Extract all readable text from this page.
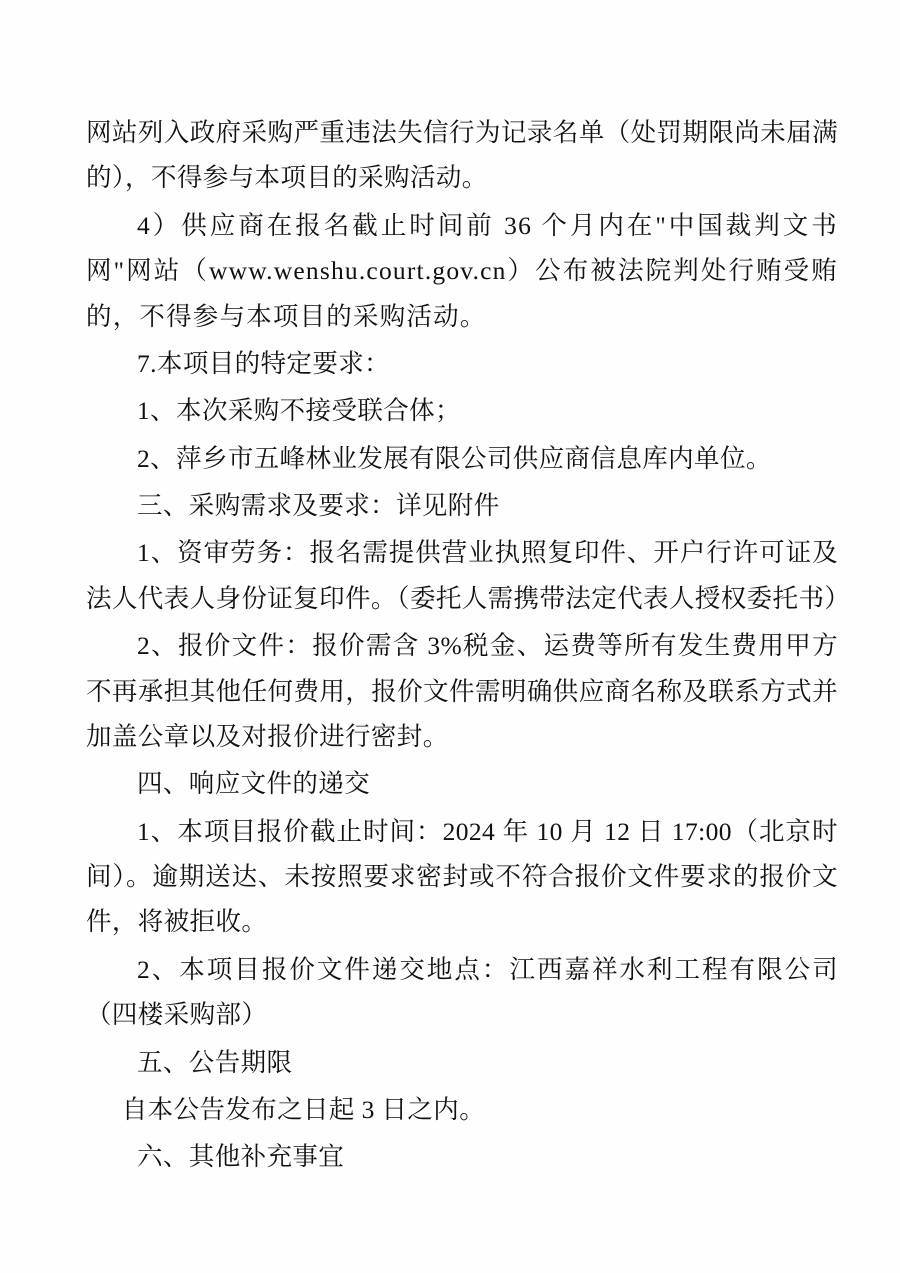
网站列入政府采购严重违法失信行为记录名单（处罚期限尚未届满的），不得参与本项目的采购活动。

4）供应商在报名截止时间前 36 个月内在"中国裁判文书网"网站（www.wenshu.court.gov.cn）公布被法院判处行贿受贿的，不得参与本项目的采购活动。

7.本项目的特定要求：

1、本次采购不接受联合体；

2、萍乡市五峰林业发展有限公司供应商信息库内单位。

三、采购需求及要求：详见附件

1、资审劳务：报名需提供营业执照复印件、开户行许可证及法人代表人身份证复印件。（委托人需携带法定代表人授权委托书）

2、报价文件：报价需含 3%税金、运费等所有发生费用甲方不再承担其他任何费用，报价文件需明确供应商名称及联系方式并加盖公章以及对报价进行密封。

四、响应文件的递交

1、本项目报价截止时间：2024 年 10 月 12 日 17:00（北京时间）。逾期送达、未按照要求密封或不符合报价文件要求的报价文件，将被拒收。

2、本项目报价文件递交地点：江西嘉祥水利工程有限公司（四楼采购部）

五、公告期限

自本公告发布之日起 3 日之内。

六、其他补充事宜
